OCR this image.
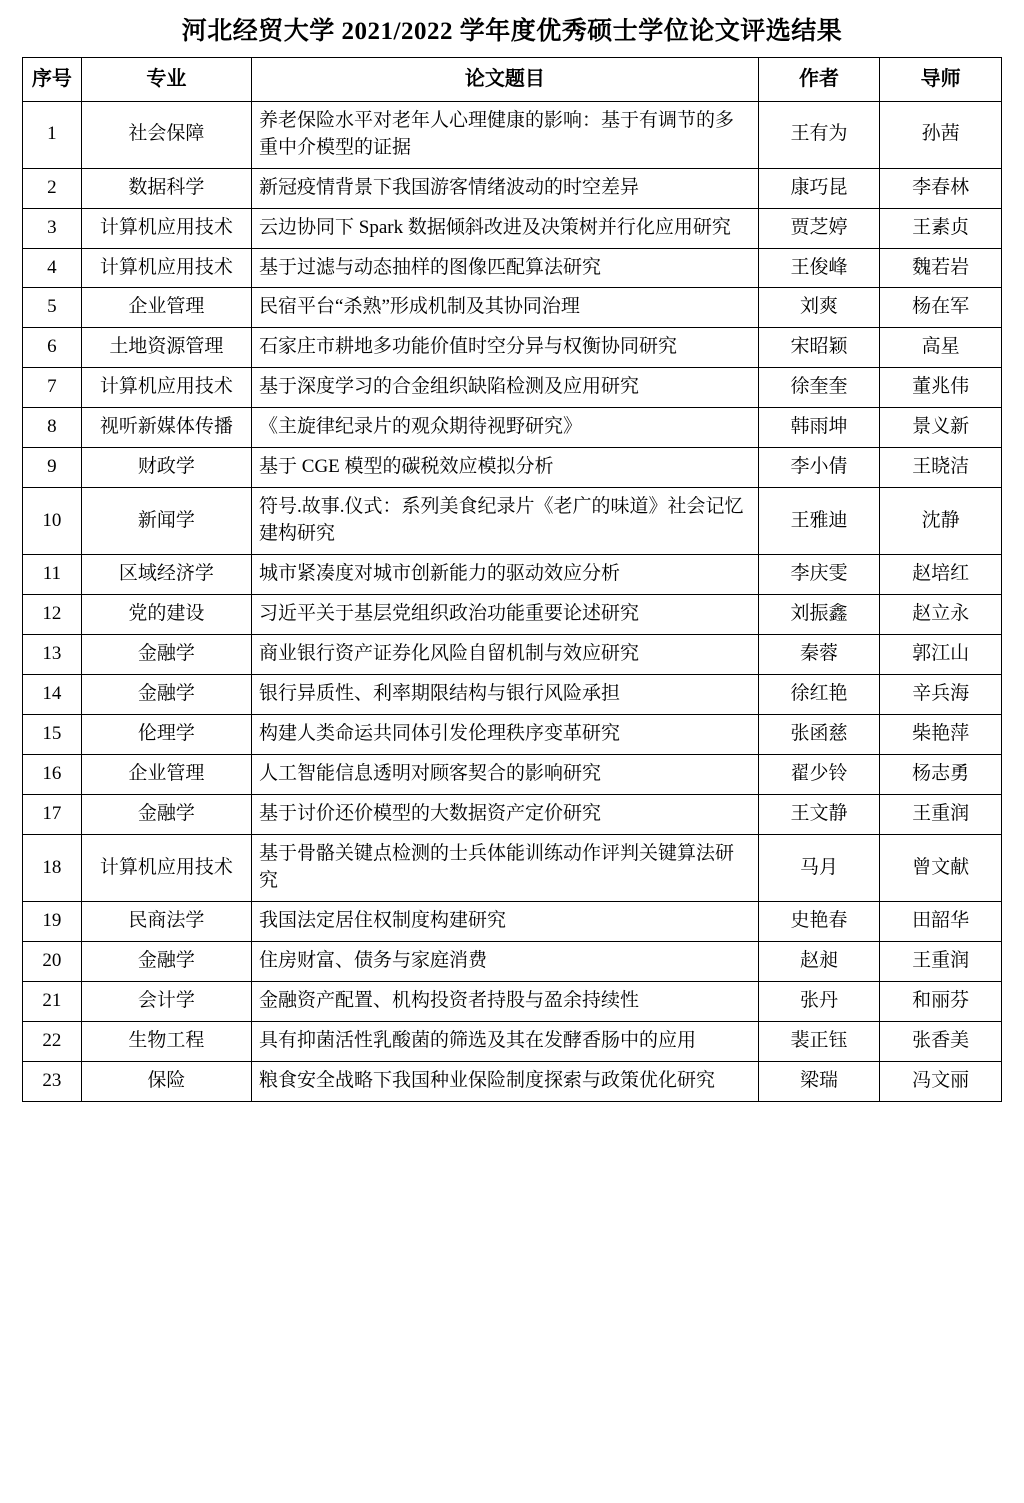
河北经贸大学 2021/2022 学年度优秀硕士学位论文评选结果
序号	专业	论文题目	作者	导师
1	社会保障	养老保险水平对老年人心理健康的影响：基于有调节的多重中介模型的证据	王有为	孙茜
2	数据科学	新冠疫情背景下我国游客情绪波动的时空差异	康巧昆	李春林
3	计算机应用技术	云边协同下 Spark 数据倾斜改进及决策树并行化应用研究	贾芝婷	王素贞
4	计算机应用技术	基于过滤与动态抽样的图像匹配算法研究	王俊峰	魏若岩
5	企业管理	民宿平台“杀熟”形成机制及其协同治理	刘爽	杨在军
6	土地资源管理	石家庄市耕地多功能价值时空分异与权衡协同研究	宋昭颖	高星
7	计算机应用技术	基于深度学习的合金组织缺陷检测及应用研究	徐奎奎	董兆伟
8	视听新媒体传播	《主旋律纪录片的观众期待视野研究》	韩雨坤	景义新
9	财政学	基于 CGE 模型的碳税效应模拟分析	李小倩	王晓洁
10	新闻学	符号.故事.仪式：系列美食纪录片《老广的味道》社会记忆建构研究	王雅迪	沈静
11	区域经济学	城市紧凑度对城市创新能力的驱动效应分析	李庆雯	赵培红
12	党的建设	习近平关于基层党组织政治功能重要论述研究	刘振鑫	赵立永
13	金融学	商业银行资产证券化风险自留机制与效应研究	秦蓉	郭江山
14	金融学	银行异质性、利率期限结构与银行风险承担	徐红艳	辛兵海
15	伦理学	构建人类命运共同体引发伦理秩序变革研究	张函慈	柴艳萍
16	企业管理	人工智能信息透明对顾客契合的影响研究	翟少铃	杨志勇
17	金融学	基于讨价还价模型的大数据资产定价研究	王文静	王重润
18	计算机应用技术	基于骨骼关键点检测的士兵体能训练动作评判关键算法研究	马月	曾文献
19	民商法学	我国法定居住权制度构建研究	史艳春	田韶华
20	金融学	住房财富、债务与家庭消费	赵昶	王重润
21	会计学	金融资产配置、机构投资者持股与盈余持续性	张丹	和丽芬
22	生物工程	具有抑菌活性乳酸菌的筛选及其在发酵香肠中的应用	裴正钰	张香美
23	保险	粮食安全战略下我国种业保险制度探索与政策优化研究	梁瑞	冯文丽
